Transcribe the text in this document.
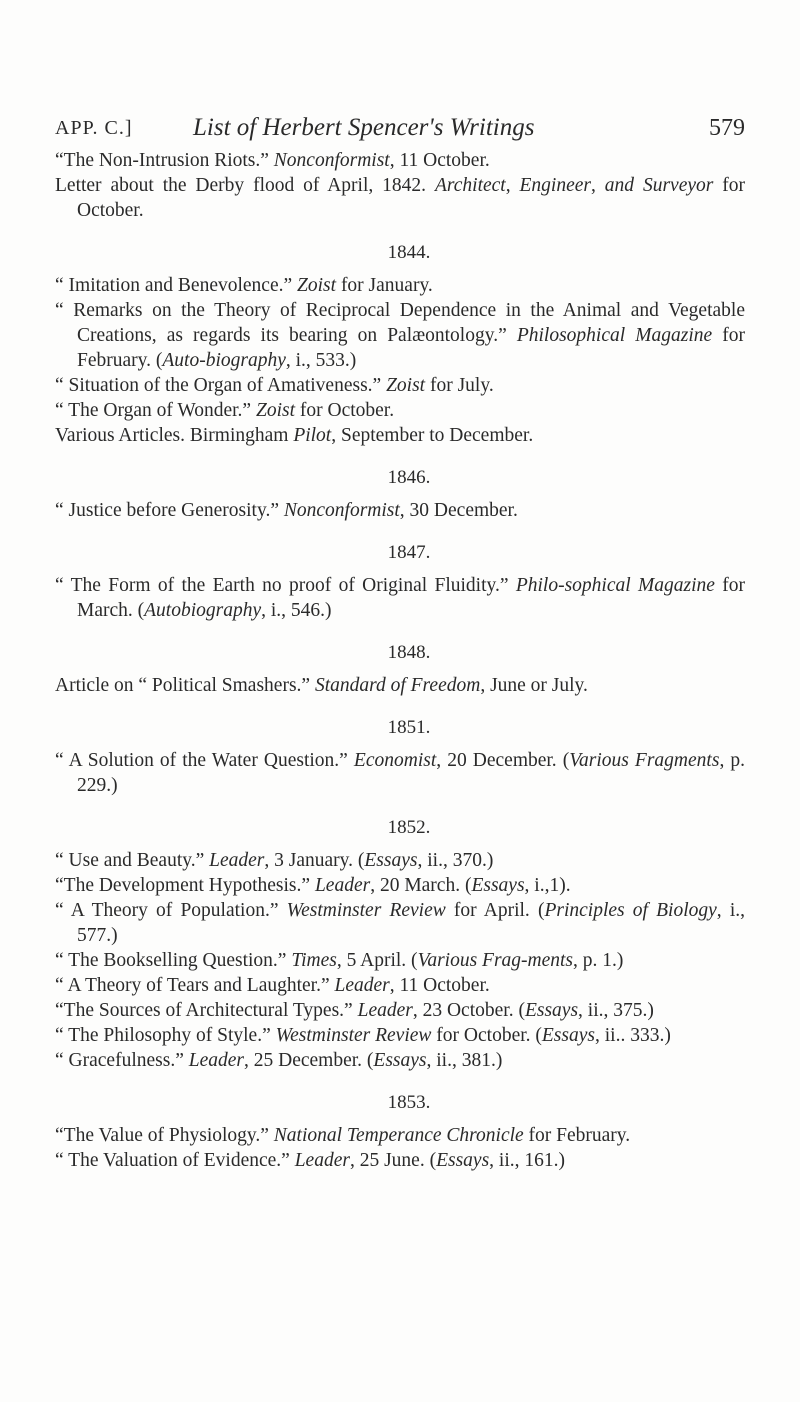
APP. C.] List of Herbert Spencer's Writings	579

“The Non-Intrusion Riots.” Nonconformist, 11 October.

Letter about the Derby flood of April, 1842. Architect, Engineer, and Surveyor for October.

1844.

“ Imitation and Benevolence.” Zoist for January.

“ Remarks on the Theory of Reciprocal Dependence in the Animal and Vegetable Creations, as regards its bearing on Palæontology.” Philosophical Magazine for February. (Auto-biography, i., 533.)

“ Situation of the Organ of Amativeness.” Zoist for July.

“ The Organ of Wonder.” Zoist for October.

Various Articles. Birmingham Pilot, September to December.

1846.

“ Justice before Generosity.” Nonconformist, 30 December.

1847.

“ The Form of the Earth no proof of Original Fluidity.” Philo-sophical Magazine for March. (Autobiography, i., 546.)

1848.

Article on “ Political Smashers.” Standard of Freedom, June or July.

1851.

“ A Solution of the Water Question.” Economist, 20 December. (Various Fragments, p. 229.)

1852.

“ Use and Beauty.” Leader, 3 January. (Essays, ii., 370.)

“The Development Hypothesis.” Leader, 20 March. (Essays, i.,1).

“ A Theory of Population.” Westminster Review for April. (Principles of Biology, i., 577.)

“ The Bookselling Question.” Times, 5 April. (Various Frag-ments, p. 1.)

“ A Theory of Tears and Laughter.” Leader, 11 October.

“The Sources of Architectural Types.” Leader, 23 October. (Essays, ii., 375.)

“ The Philosophy of Style.” Westminster Review for October. (Essays, ii.. 333.)

“ Gracefulness.” Leader, 25 December. (Essays, ii., 381.)

1853.

“The Value of Physiology.” National Temperance Chronicle for February.

“ The Valuation of Evidence.” Leader, 25 June. (Essays, ii., 161.)
